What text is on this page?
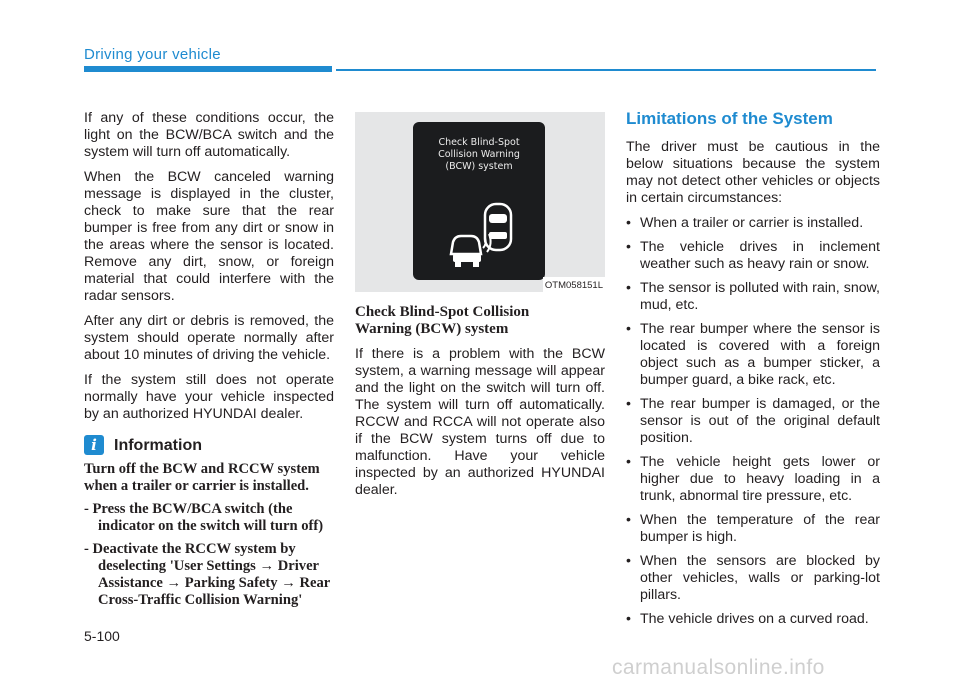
Driving your vehicle

If any of these conditions occur, the light on the BCW/BCA switch and the system will turn off automatically.

When the BCW canceled warning message is displayed in the cluster, check to make sure that the rear bumper is free from any dirt or snow in the areas where the sensor is located. Remove any dirt, snow, or foreign material that could interfere with the radar sensors.

After any dirt or debris is removed, the system should operate normally after about 10 minutes of driving the vehicle.

If the system still does not operate normally have your vehicle inspected by an authorized HYUNDAI dealer.

i	Information

Turn off the BCW and RCCW system when a trailer or carrier is installed.

- Press the BCW/BCA switch (the indicator on the switch will turn off)

- Deactivate the RCCW system by deselecting 'User Settings → Driver Assistance → Parking Safety → Rear Cross-Traffic Collision Warning'

Check Blind-Spot
Collision Warning
(BCW) system
OTM058151L
Check Blind-Spot Collision
Warning (BCW) system

If there is a problem with the BCW system, a warning message will appear and the light on the switch will turn off. The system will turn off automatically. RCCW and RCCA will not operate also if the BCW system turns off due to malfunction. Have your vehicle inspected by an authorized HYUNDAI dealer.

Limitations of the System

The driver must be cautious in the below situations because the system may not detect other vehicles or objects in certain circumstances:

• When a trailer or carrier is installed.
• The vehicle drives in inclement weather such as heavy rain or snow.
• The sensor is polluted with rain, snow, mud, etc.
• The rear bumper where the sensor is located is covered with a foreign object such as a bumper sticker, a bumper guard, a bike rack, etc.
• The rear bumper is damaged, or the sensor is out of the original default position.
• The vehicle height gets lower or higher due to heavy loading in a trunk, abnormal tire pressure, etc.
• When the temperature of the rear bumper is high.
• When the sensors are blocked by other vehicles, walls or parking-lot pillars.
• The vehicle drives on a curved road.
5-100
carmanualsonline.info
